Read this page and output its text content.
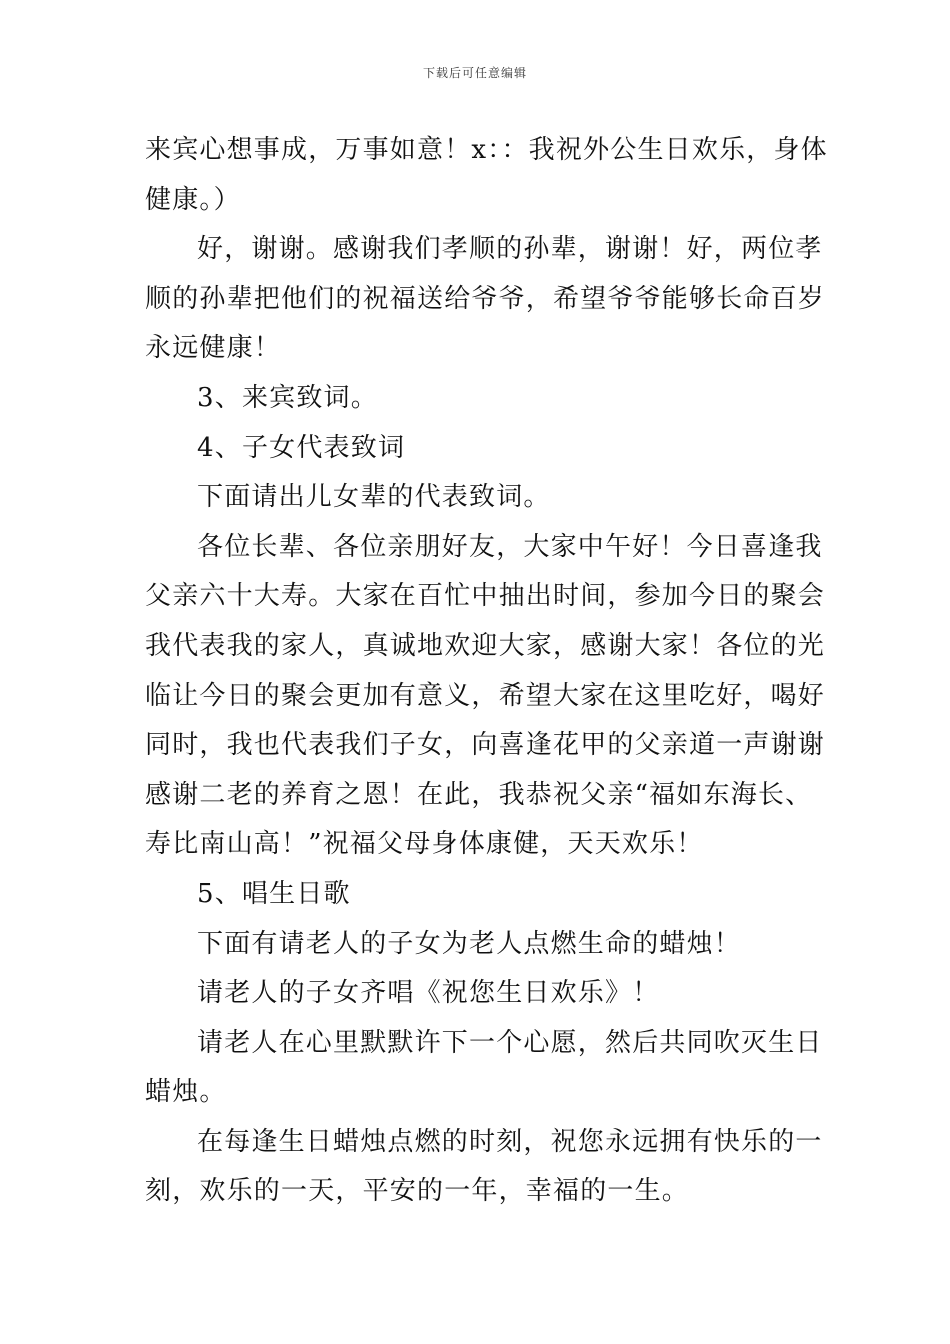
下载后可任意编辑
来宾心想事成，万事如意！x：：我祝外公生日欢乐，身体
健康。）
好，谢谢。感谢我们孝顺的孙辈，谢谢！好，两位孝
顺的孙辈把他们的祝福送给爷爷，希望爷爷能够长命百岁
永远健康！
3、来宾致词。
4、子女代表致词
下面请出儿女辈的代表致词。
各位长辈、各位亲朋好友，大家中午好！今日喜逢我
父亲六十大寿。大家在百忙中抽出时间，参加今日的聚会
我代表我的家人，真诚地欢迎大家，感谢大家！各位的光
临让今日的聚会更加有意义，希望大家在这里吃好，喝好
同时，我也代表我们子女，向喜逢花甲的父亲道一声谢谢
感谢二老的养育之恩！在此，我恭祝父亲“福如东海长、
寿比南山高！”祝福父母身体康健，天天欢乐！
5、唱生日歌
下面有请老人的子女为老人点燃生命的蜡烛！
请老人的子女齐唱《祝您生日欢乐》！
请老人在心里默默许下一个心愿，然后共同吹灭生日
蜡烛。
在每逢生日蜡烛点燃的时刻，祝您永远拥有快乐的一
刻，欢乐的一天，平安的一年，幸福的一生。
